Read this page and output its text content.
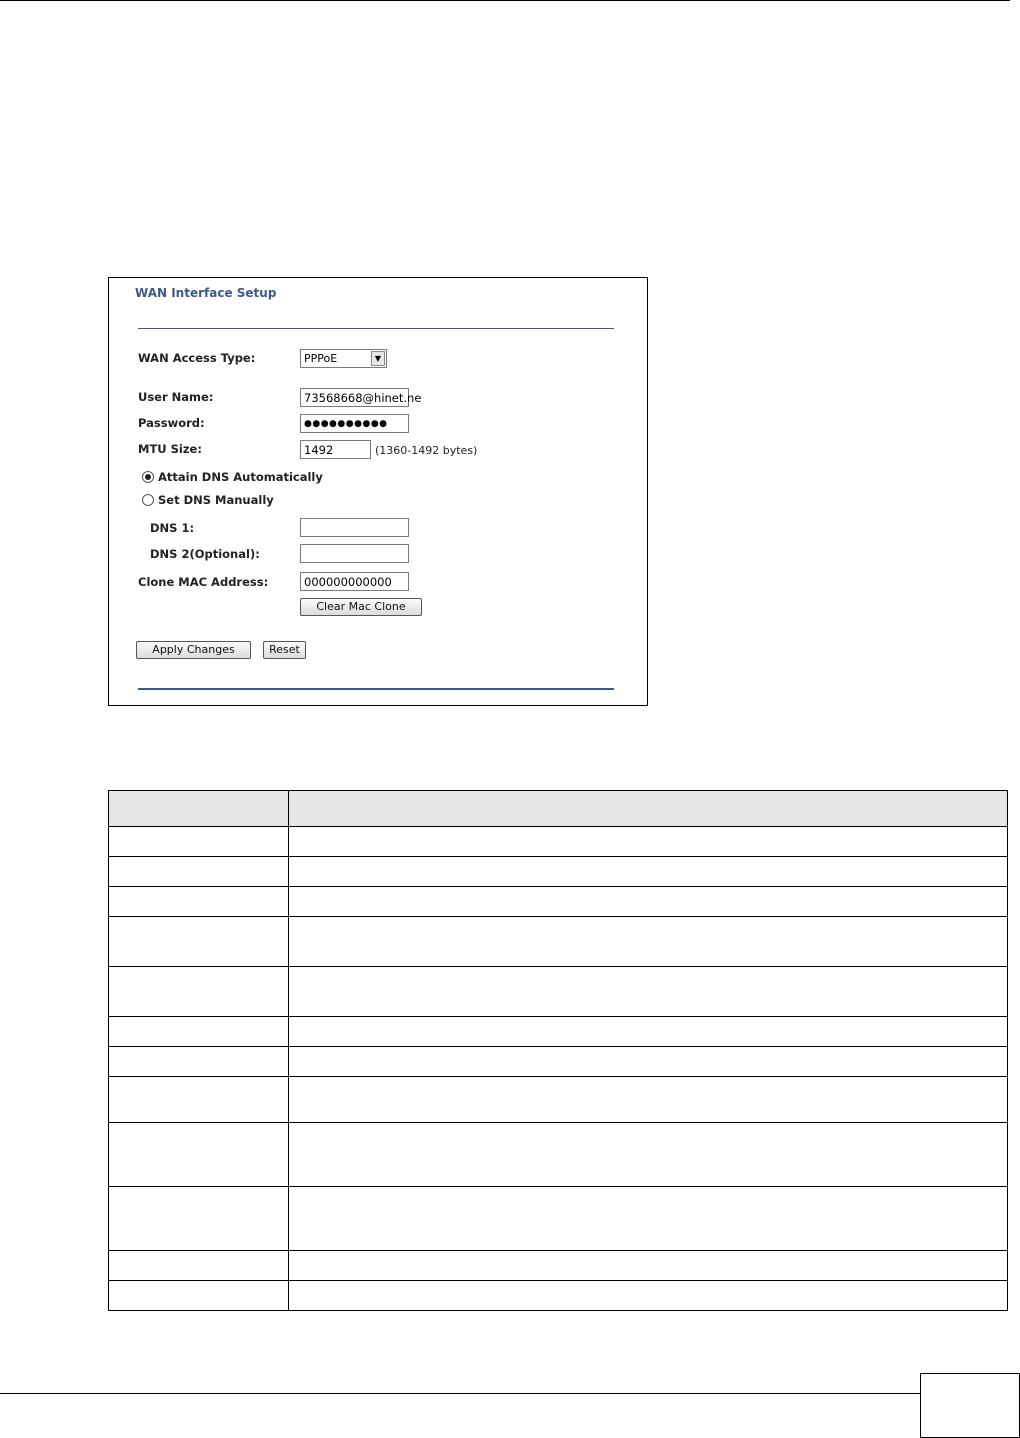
WAN Interface Setup
WAN Access Type:	PPPoE	▼
User Name:	73568668@hinet.ne
Password:	●●●●●●●●●●
MTU Size:	1492	(1360-1492 bytes)
Attain DNS Automatically
Set DNS Manually
DNS 1:
DNS 2(Optional):
Clone MAC Address:	000000000000
Clear Mac Clone
Apply Changes	Reset
